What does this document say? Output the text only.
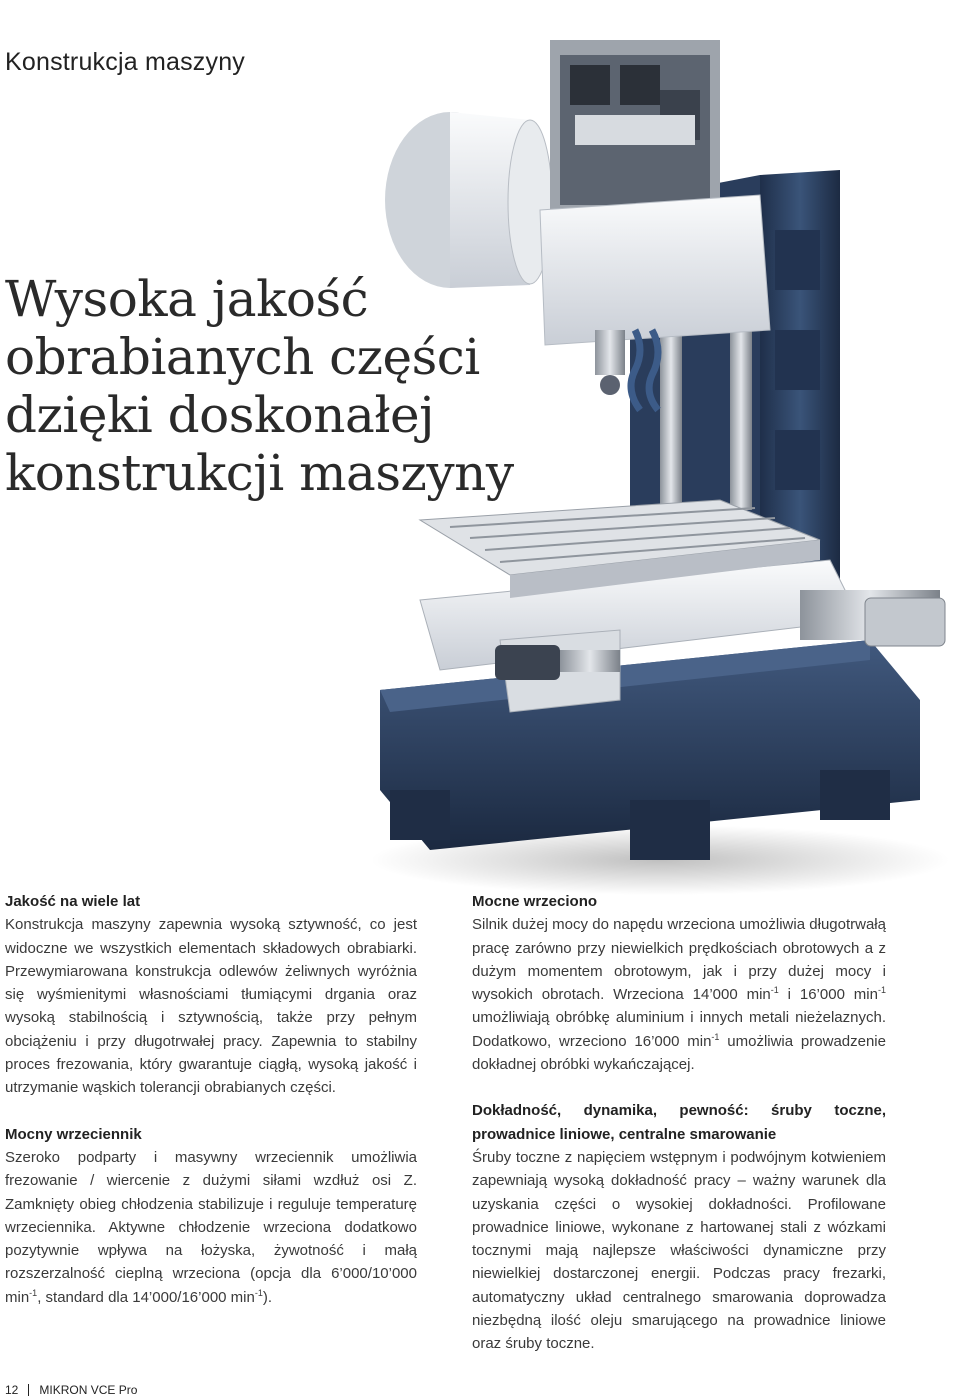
Konstrukcja maszyny
Wysoka jakość
obrabianych części
dzięki doskonałej
konstrukcji maszyny
Jakość na wiele lat

Konstrukcja maszyny zapewnia wysoką sztywność, co jest widoczne we wszystkich elementach składowych obrabiarki. Przewymiarowana konstrukcja odlewów żeliwnych wyróżnia się wyśmienitymi własnościami tłumiącymi drgania oraz wysoką stabilnością i sztywnością, także przy pełnym obciążeniu i przy długotrwałej pracy. Zapewnia to stabilny proces frezowania, który gwarantuje ciągłą, wysoką jakość i utrzymanie wąskich tolerancji obrabianych części.

Mocny wrzeciennik

Szeroko podparty i masywny wrzeciennik umożliwia frezowanie / wiercenie z dużymi siłami wzdłuż osi Z. Zamknięty obieg chłodzenia stabilizuje i reguluje temperaturę wrzeciennika. Aktywne chłodzenie wrzeciona dodatkowo pozytywnie wpływa na łożyska, żywotność i małą rozszerzalność cieplną wrzeciona (opcja dla 6’000/10’000 $\min^{-1}$, standard dla 14’000/16’000 $\min^{-1}$).

Mocne wrzeciono

Silnik dużej mocy do napędu wrzeciona umożliwia długotrwałą pracę zarówno przy niewielkich prędkościach obrotowych a z dużym momentem obrotowym, jak i przy dużej mocy i wysokich obrotach. Wrzeciona 14’000 $\min^{-1} i$ 16’000 $\min^{-1}$ umożliwiają obróbkę aluminium i innych metali nieżelaznych. Dodatkowo, wrzeciono 16’000 $\min^{-1}$ umożliwia prowadzenie dokładnej obróbki wykańczającej.

Dokładność, dynamika, pewność: śruby toczne, prowadnice liniowe, centralne smarowanie

Śruby toczne z napięciem wstępnym i podwójnym kotwieniem zapewniają wysoką dokładność pracy – ważny warunek dla uzyskania części o wysokiej dokładności. Profilowane prowadnice liniowe, wykonane z hartowanej stali z wózkami tocznymi mają najlepsze właściwości dynamiczne przy niewielkiej dostarczonej energii. Podczas pracy frezarki, automatyczny układ centralnego smarowania doprowadza niezbędną ilość oleju smarującego na prowadnice liniowe oraz śruby toczne.

12 MIKRON VCE Pro
